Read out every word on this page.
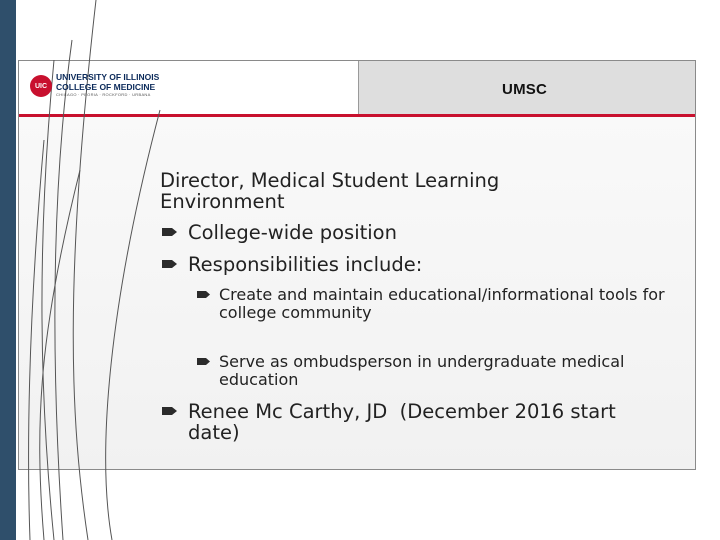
UMSC
UIC
UNIVERSITY OF ILLINOIS
COLLEGE OF MEDICINE
CHICAGO · PEORIA · ROCKFORD · URBANA
Director, Medical Student Learning Environment
College-wide position
Responsibilities include:
Create and maintain educational/informational tools for college community
Serve as ombudsperson in undergraduate medical education
Renee Mc Carthy, JD  (December 2016 start date)
